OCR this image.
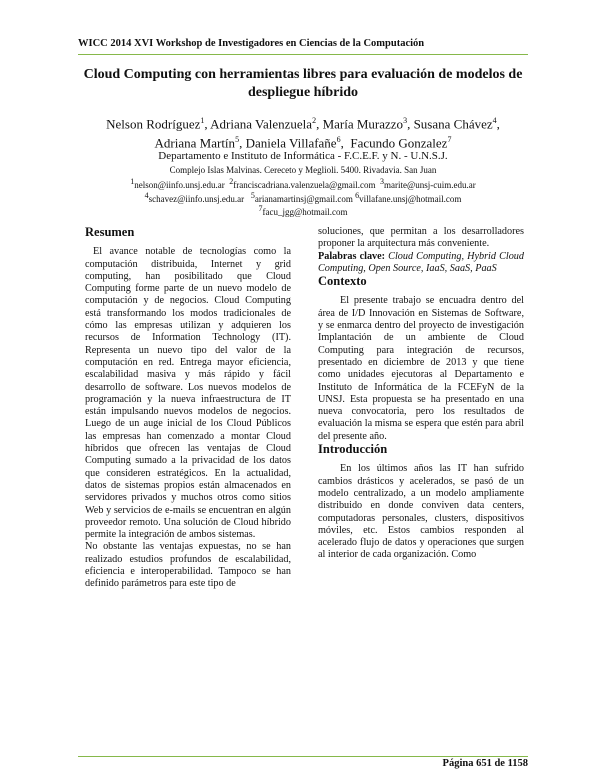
WICC 2014 XVI Workshop de Investigadores en Ciencias de la Computación
Cloud Computing con herramientas libres para evaluación de modelos de despliegue híbrido
Nelson Rodríguez$^1$, Adriana Valenzuela$^2$, María Murazzo$^3$, Susana Chávez$^4$,
Adriana Martín$^5$, Daniela Villafañe$^6$,  Facundo Gonzalez$^7$
Departamento e Instituto de Informática - F.C.E.F. y N. - U.N.S.J.
Complejo Islas Malvinas. Cereceto y Meglioli. 5400. Rivadavia. San Juan
$^1$nelson@iinfo.unsj.edu.ar $^2$franciscadriana.valenzuela@gmail.com $^3$marite@unsj-cuim.edu.ar
$^4$schavez@iinfo.unsj.edu.ar $^5$arianamartinsj@gmail.com $^6$villafane.unsj@hotmail.com
$^7$facu_jgg@hotmail.com
Resumen

El avance notable de tecnologías como la computación distribuida, Internet y grid computing, han posibilitado que Cloud Computing forme parte de un nuevo modelo de computación y de negocios. Cloud Computing está transformando los modos tradicionales de cómo las empresas utilizan y adquieren los recursos de Information Technology (IT). Representa un nuevo tipo del valor de la computación en red. Entrega mayor eficiencia, escalabilidad masiva y más rápido y fácil desarrollo de software. Los nuevos modelos de programación y la nueva infraestructura de IT están impulsando nuevos modelos de negocios. Luego de un auge inicial de los Cloud Públicos las empresas han comenzado a montar Cloud híbridos que ofrecen las ventajas de Cloud Computing sumado a la privacidad de los datos que consideren estratégicos. En la actualidad, datos de sistemas propios están almacenados en servidores privados y muchos otros como sitios Web y servicios de e-mails se encuentran en algún proveedor remoto. Una solución de Cloud híbrido permite la integración de ambos sistemas.

No obstante las ventajas expuestas, no se han realizado estudios profundos de escalabilidad, eficiencia e interoperabilidad. Tampoco se han definido parámetros para este tipo de

soluciones, que permitan a los desarrolladores proponer la arquitectura más conveniente.

Palabras clave: Cloud Computing, Hybrid Cloud Computing, Open Source, IaaS, SaaS, PaaS

Contexto

El presente trabajo se encuadra dentro del área de I/D Innovación en Sistemas de Software, y se enmarca dentro del proyecto de investigación Implantación de un ambiente de Cloud Computing para integración de recursos, presentado en diciembre de 2013 y que tiene como unidades ejecutoras al Departamento e Instituto de Informática de la FCEFyN de la UNSJ. Esta propuesta se ha presentado en una nueva convocatoria, pero los resultados de evaluación la misma se espera que estén para abril del presente año.

Introducción

En los últimos años las IT han sufrido cambios drásticos y acelerados, se pasó de un modelo centralizado, a un modelo ampliamente distribuido en donde conviven data centers, computadoras personales, clusters, dispositivos móviles, etc. Estos cambios responden al acelerado flujo de datos y operaciones que surgen al interior de cada organización. Como

Página 651 de 1158
